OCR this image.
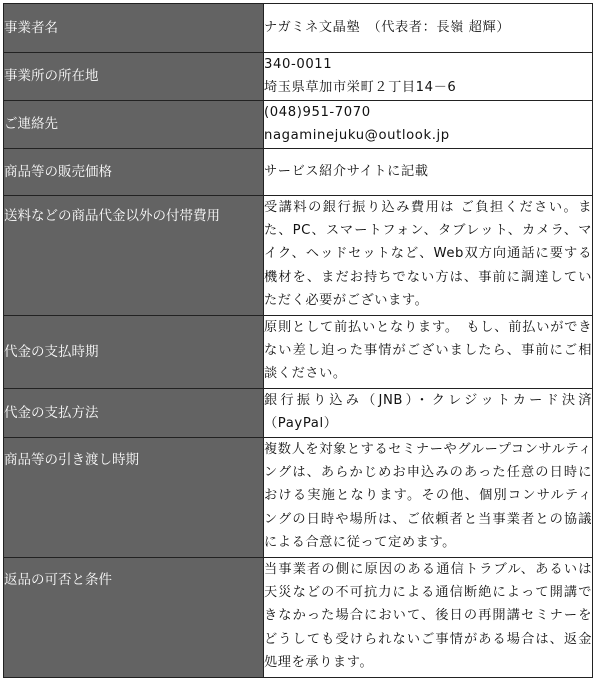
事業者名	ナガミネ文晶塾　（代表者：長嶺 超輝）

事業所の所在地	340-0011
埼玉県草加市栄町２丁目14－6

ご連絡先	(048)951-7070
nagaminejuku@outlook.jp

商品等の販売価格	サービス紹介サイトに記載

送料などの商品代金以外の付帯費用	受講料の銀行振り込み費用は ご負担ください。また、PC、スマートフォン、タブレット、カメラ、マイク、ヘッドセットなど、Web双方向通話に要する機材を、まだお持ちでない方は、事前に調達していただく必要がございます。

代金の支払時期	原則として前払いとなります。　もし、前払いができない差し迫った事情がございましたら、事前にご相談ください。

代金の支払方法	銀行振り込み（JNB）・クレジットカード決済（PayPal）

商品等の引き渡し時期	複数人を対象とするセミナーやグループコンサルティングは、あらかじめお申込みのあった任意の日時における実施となります。その他、個別コンサルティングの日時や場所は、ご依頼者と当事業者との協議による合意に従って定めます。

返品の可否と条件	当事業者の側に原因のある通信トラブル、あるいは天災などの不可抗力による通信断絶によって開講できなかった場合において、後日の再開講セミナーをどうしても受けられないご事情がある場合は、返金処理を承ります。
